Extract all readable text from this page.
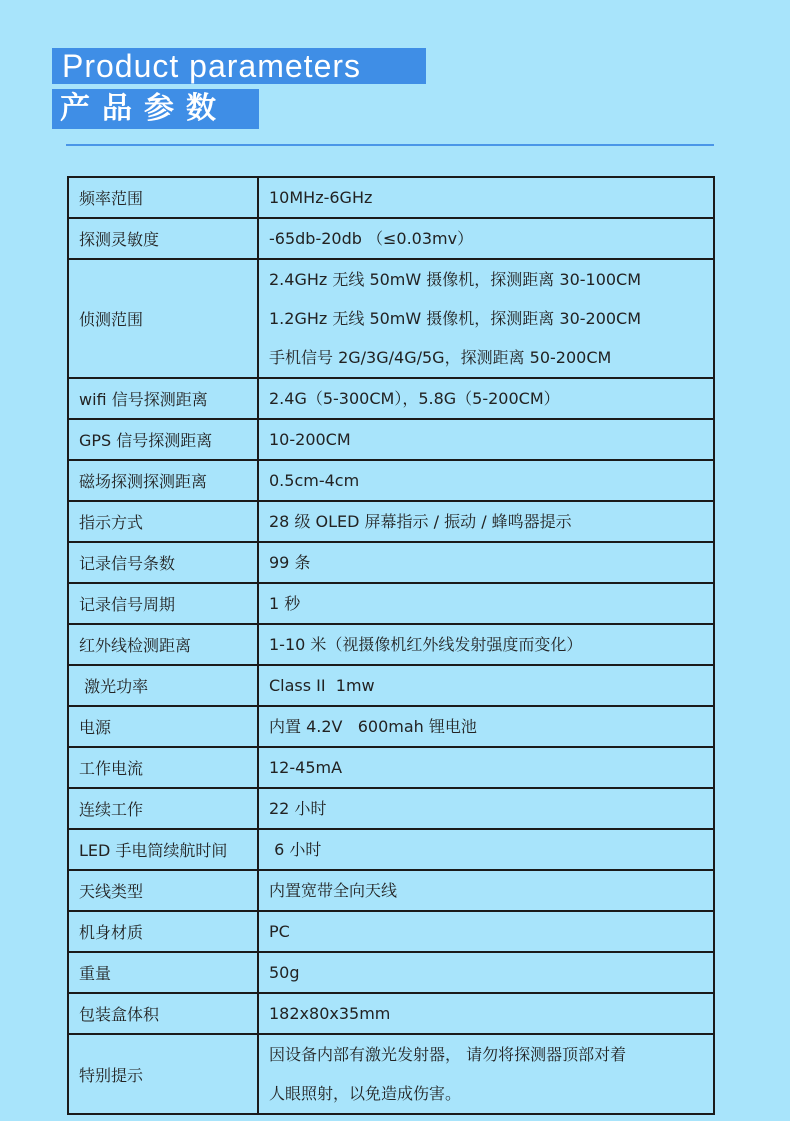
Product parameters
产品参数
频率范围	10MHz-6GHz

探测灵敏度	-65db-20db （≤0.03mv）

侦测范围	2.4GHz 无线 50mW 摄像机，探测距离 30-100CM
1.2GHz 无线 50mW 摄像机，探测距离 30-200CM
手机信号 2G/3G/4G/5G，探测距离 50-200CM

wifi 信号探测距离	2.4G（5-300CM），5.8G（5-200CM）

GPS 信号探测距离	10-200CM

磁场探测探测距离	0.5cm-4cm

指示方式	28 级 OLED 屏幕指示 / 振动 / 蜂鸣器提示

记录信号条数	99 条

记录信号周期	1 秒

红外线检测距离	1-10 米（视摄像机红外线发射强度而变化）

激光功率	Class II  1mw

电源	内置 4.2V   600mah 锂电池

工作电流	12-45mA

连续工作	22 小时

LED 手电筒续航时间	6 小时

天线类型	内置宽带全向天线

机身材质	PC

重量	50g

包装盒体积	182x80x35mm

特别提示	因设备内部有激光发射器， 请勿将探测器顶部对着
人眼照射，以免造成伤害。
